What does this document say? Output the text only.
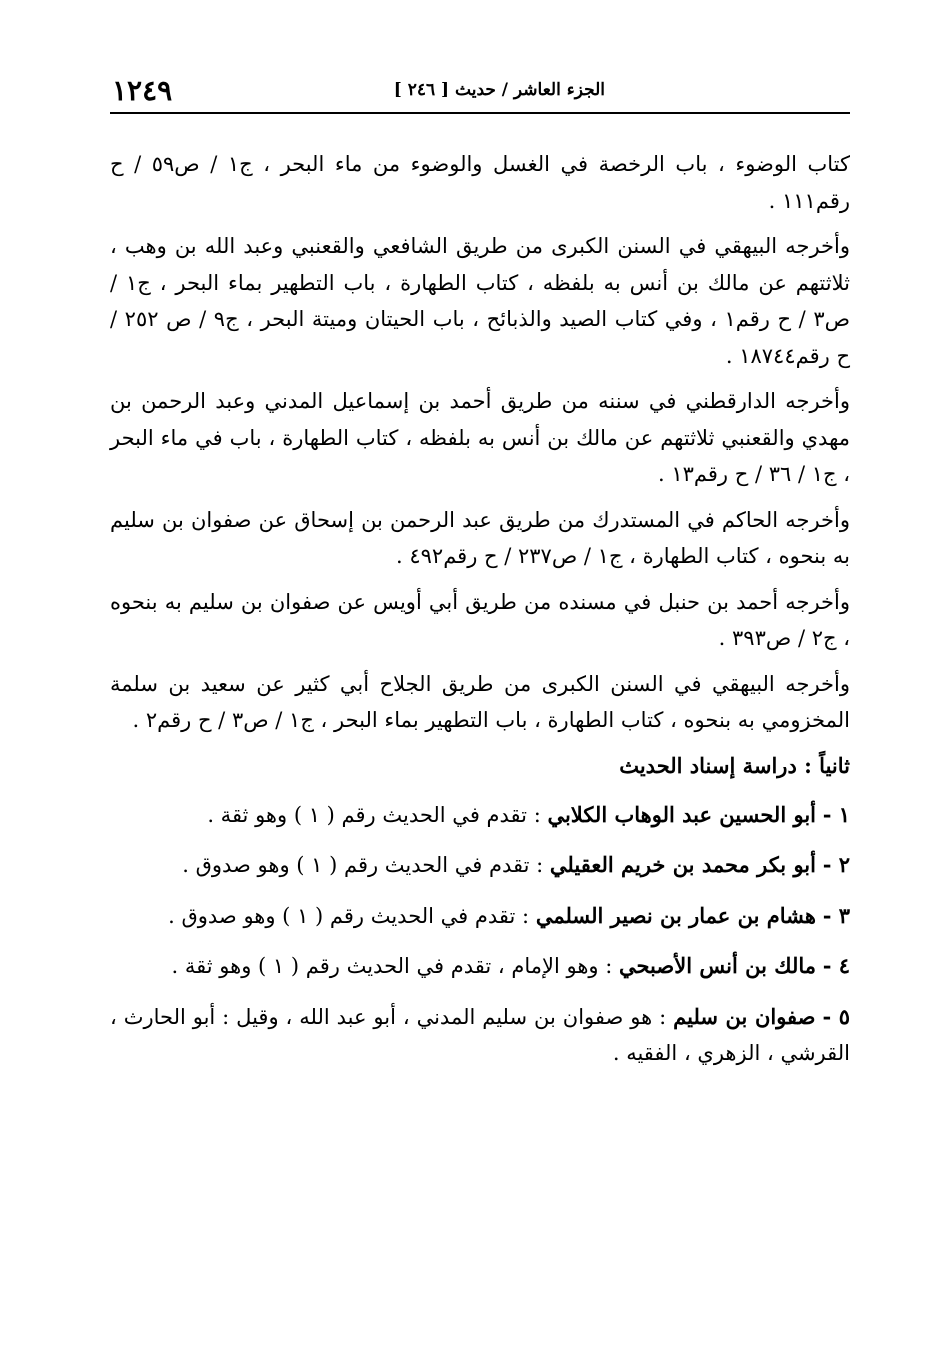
الجزء العاشر / حديث [ ٢٤٦ ]
١٢٤٩

كتاب الوضوء ، باب الرخصة في الغسل والوضوء من ماء البحر ، ج١ / ص٥٩ / ح رقم١١١ .

وأخرجه البيهقي في السنن الكبرى من طريق الشافعي والقعنبي وعبد الله بن وهب ، ثلاثتهم عن مالك بن أنس به بلفظه ، كتاب الطهارة ، باب التطهير بماء البحر ، ج١ / ص٣ / ح رقم١ ، وفي كتاب الصيد والذبائح ، باب الحيتان وميتة البحر ، ج٩ / ص ٢٥٢ / ح رقم١٨٧٤٤ .

وأخرجه الدارقطني في سننه من طريق أحمد بن إسماعيل المدني وعبد الرحمن بن مهدي والقعنبي ثلاثتهم عن مالك بن أنس به بلفظه ، كتاب الطهارة ، باب في ماء البحر ، ج١ / ٣٦ / ح رقم١٣ .

وأخرجه الحاكم في المستدرك من طريق عبد الرحمن بن إسحاق عن صفوان بن سليم به بنحوه ، كتاب الطهارة ، ج١ / ص٢٣٧ / ح رقم٤٩٢ .

وأخرجه أحمد بن حنبل في مسنده من طريق أبي أويس عن صفوان بن سليم به بنحوه ، ج٢ / ص٣٩٣ .

وأخرجه البيهقي في السنن الكبرى من طريق الجلاح أبي كثير عن سعيد بن سلمة المخزومي به بنحوه ، كتاب الطهارة ، باب التطهير بماء البحر ، ج١ / ص٣ / ح رقم٢ .

ثانياً : دراسة إسناد الحديث
١ - أبو الحسين عبد الوهاب الكلابي : تقدم في الحديث رقم ( ١ ) وهو ثقة .
٢ - أبو بكر محمد بن خريم العقيلي : تقدم في الحديث رقم ( ١ ) وهو صدوق .
٣ - هشام بن عمار بن نصير السلمي : تقدم في الحديث رقم ( ١ ) وهو صدوق .
٤ - مالك بن أنس الأصبحي : وهو الإمام ، تقدم في الحديث رقم ( ١ ) وهو ثقة .
٥ - صفوان بن سليم : هو صفوان بن سليم المدني ، أبو عبد الله ، وقيل : أبو الحارث ، القرشي ، الزهري ، الفقيه .
